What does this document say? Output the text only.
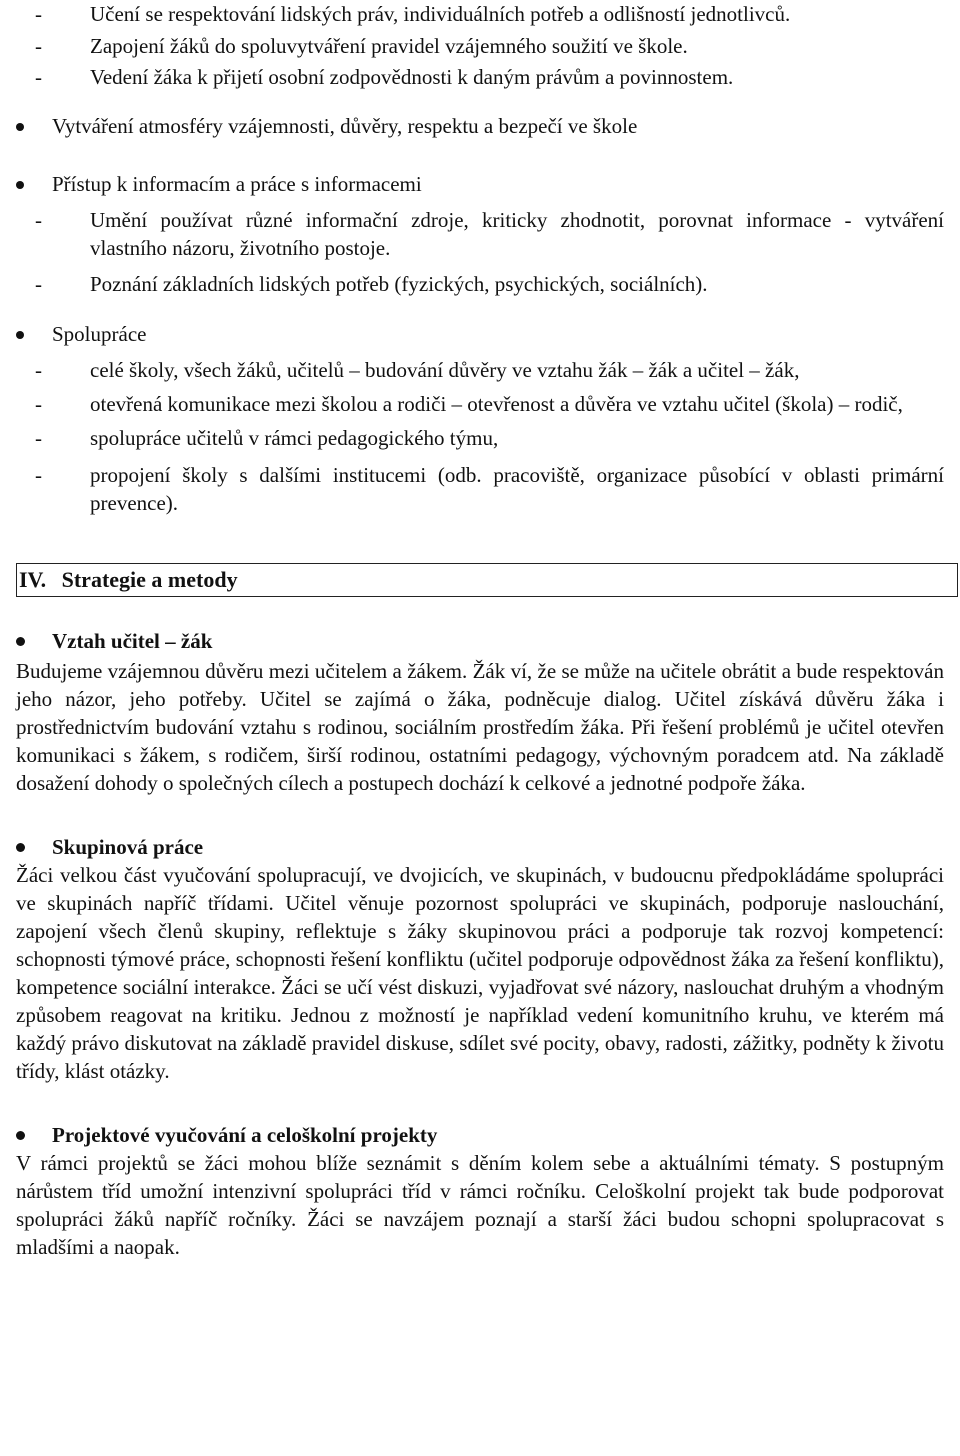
- Učení se respektování lidských práv, individuálních potřeb a odlišností jednotlivců.
- Zapojení žáků do spoluvytváření pravidel vzájemného soužití ve škole.
- Vedení žáka k přijetí osobní zodpovědnosti k daným právům a povinnostem.
Vytváření atmosféry vzájemnosti, důvěry, respektu a bezpečí ve škole
Přístup k informacím a práce s informacemi
- Umění používat různé informační zdroje, kriticky zhodnotit, porovnat informace - vytváření vlastního názoru, životního postoje.
- Poznání základních lidských potřeb (fyzických, psychických, sociálních).
Spolupráce
- celé školy, všech žáků, učitelů – budování důvěry ve vztahu žák – žák a učitel – žák,
- otevřená komunikace mezi školou a rodiči – otevřenost a důvěra ve vztahu učitel (škola) – rodič,
- spolupráce učitelů v rámci pedagogického týmu,
- propojení školy s dalšími institucemi (odb. pracoviště, organizace působící v oblasti primární prevence).
IV. Strategie a metody
Vztah učitel – žák

Budujeme vzájemnou důvěru mezi učitelem a žákem. Žák ví, že se může na učitele obrátit a bude respektován jeho názor, jeho potřeby. Učitel se zajímá o žáka, podněcuje dialog. Učitel získává důvěru žáka i prostřednictvím budování vztahu s rodinou, sociálním prostředím žáka. Při řešení problémů je učitel otevřen komunikaci s žákem, s rodičem, širší rodinou, ostatními pedagogy, výchovným poradcem atd. Na základě dosažení dohody o společných cílech a postupech dochází k celkové a jednotné podpoře žáka.

Skupinová práce

Žáci velkou část vyučování spolupracují, ve dvojicích, ve skupinách, v budoucnu předpokládáme spolupráci ve skupinách napříč třídami. Učitel věnuje pozornost spolupráci ve skupinách, podporuje naslouchání, zapojení všech členů skupiny, reflektuje s žáky skupinovou práci a podporuje tak rozvoj kompetencí: schopnosti týmové práce, schopnosti řešení konfliktu (učitel podporuje odpovědnost žáka za řešení konfliktu), kompetence sociální interakce. Žáci se učí vést diskuzi, vyjadřovat své názory, naslouchat druhým a vhodným způsobem reagovat na kritiku. Jednou z možností je například vedení komunitního kruhu, ve kterém má každý právo diskutovat na základě pravidel diskuse, sdílet své pocity, obavy, radosti, zážitky, podněty k životu třídy, klást otázky.

Projektové vyučování a celoškolní projekty

V rámci projektů se žáci mohou blíže seznámit s děním kolem sebe a aktuálními tématy. S postupným nárůstem tříd umožní intenzivní spolupráci tříd v rámci ročníku. Celoškolní projekt tak bude podporovat spolupráci žáků napříč ročníky. Žáci se navzájem poznají a starší žáci budou schopni spolupracovat s mladšími a naopak.
